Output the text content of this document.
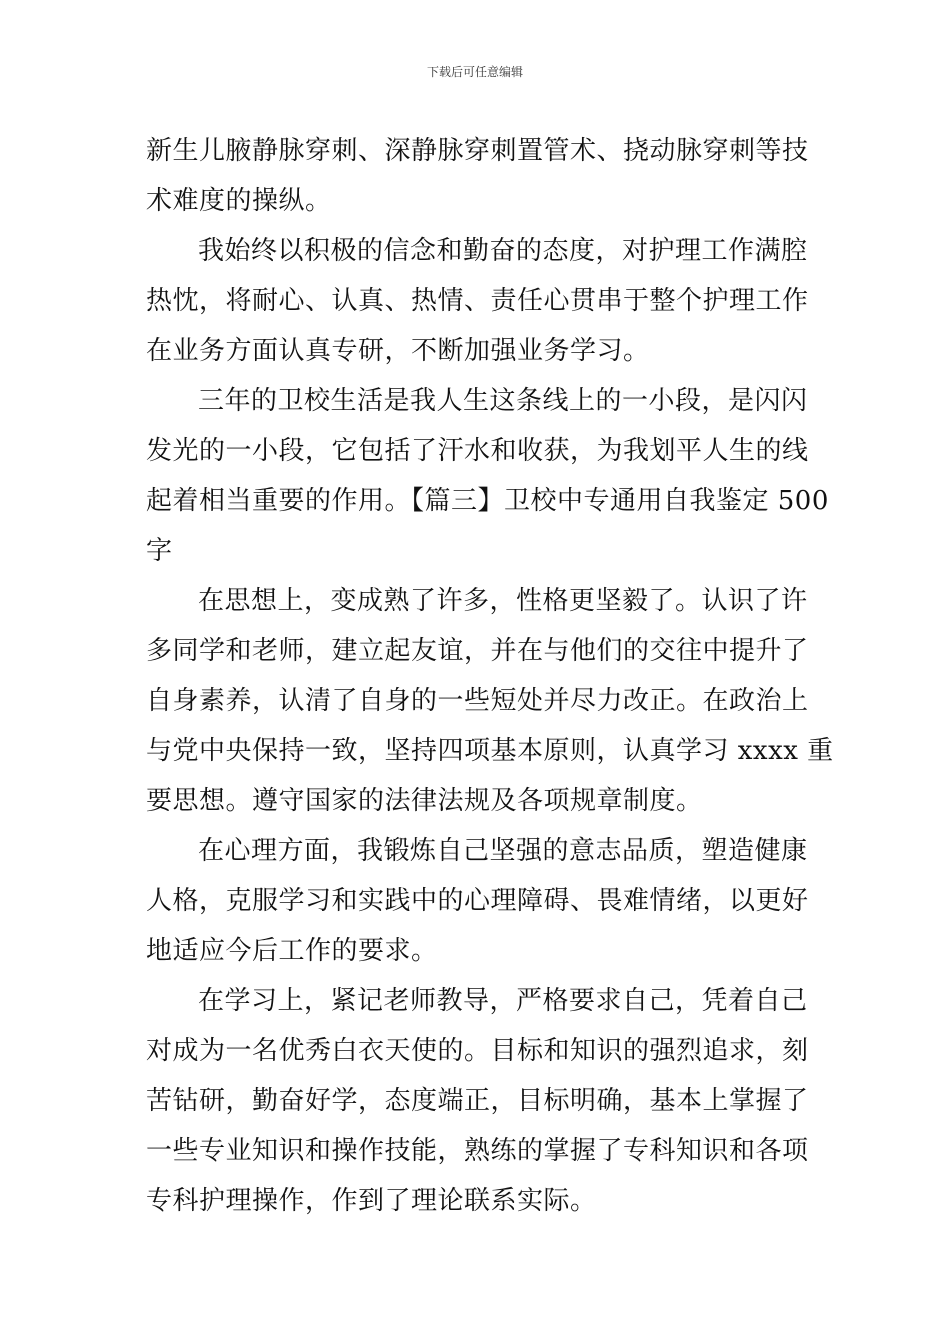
下载后可任意编辑
新生儿腋静脉穿刺、深静脉穿刺置管术、挠动脉穿刺等技
术难度的操纵。
我始终以积极的信念和勤奋的态度，对护理工作满腔
热忱，将耐心、认真、热情、责任心贯串于整个护理工作
在业务方面认真专研，不断加强业务学习。
三年的卫校生活是我人生这条线上的一小段，是闪闪
发光的一小段，它包括了汗水和收获，为我划平人生的线
起着相当重要的作用。【篇三】卫校中专通用自我鉴定 500
字
在思想上，变成熟了许多，性格更坚毅了。认识了许
多同学和老师，建立起友谊，并在与他们的交往中提升了
自身素养，认清了自身的一些短处并尽力改正。在政治上
与党中央保持一致，坚持四项基本原则，认真学习 xxxx 重
要思想。遵守国家的法律法规及各项规章制度。
在心理方面，我锻炼自己坚强的意志品质，塑造健康
人格，克服学习和实践中的心理障碍、畏难情绪，以更好
地适应今后工作的要求。
在学习上，紧记老师教导，严格要求自己，凭着自己
对成为一名优秀白衣天使的。目标和知识的强烈追求，刻
苦钻研，勤奋好学，态度端正，目标明确，基本上掌握了
一些专业知识和操作技能，熟练的掌握了专科知识和各项
专科护理操作，作到了理论联系实际。
